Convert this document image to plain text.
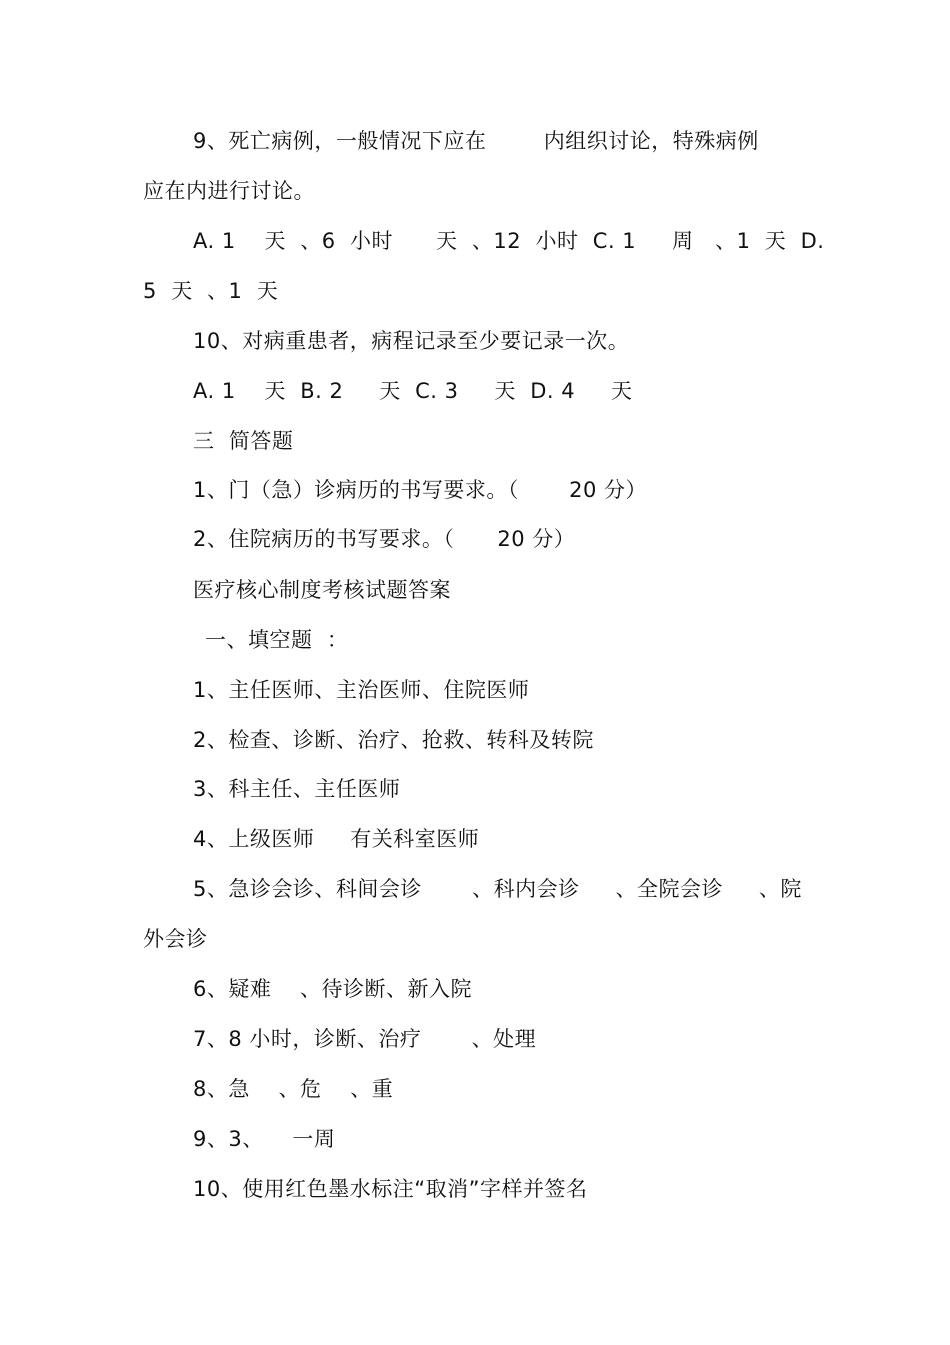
9、死亡病例，一般情况下应在        内组织讨论，特殊病例
应在内进行讨论。
A. 1    天  、6  小时      天  、12  小时  C. 1     周   、1  天  D.
5  天  、1  天
10、对病重患者，病程记录至少要记录一次。
A. 1    天  B. 2     天  C. 3     天  D. 4     天
三  简答题
1、门（急）诊病历的书写要求。（       20 分）
2、住院病历的书写要求。（      20 分）
医疗核心制度考核试题答案
一、填空题  ：
1、主任医师、主治医师、住院医师
2、检查、诊断、治疗、抢救、转科及转院
3、科主任、主任医师
4、上级医师     有关科室医师
5、急诊会诊、科间会诊       、科内会诊     、全院会诊     、院
外会诊
6、疑难    、待诊断、新入院
7、8 小时，诊断、治疗       、处理
8、急    、危    、重
9、3、    一周
10、使用红色墨水标注“取消”字样并签名
